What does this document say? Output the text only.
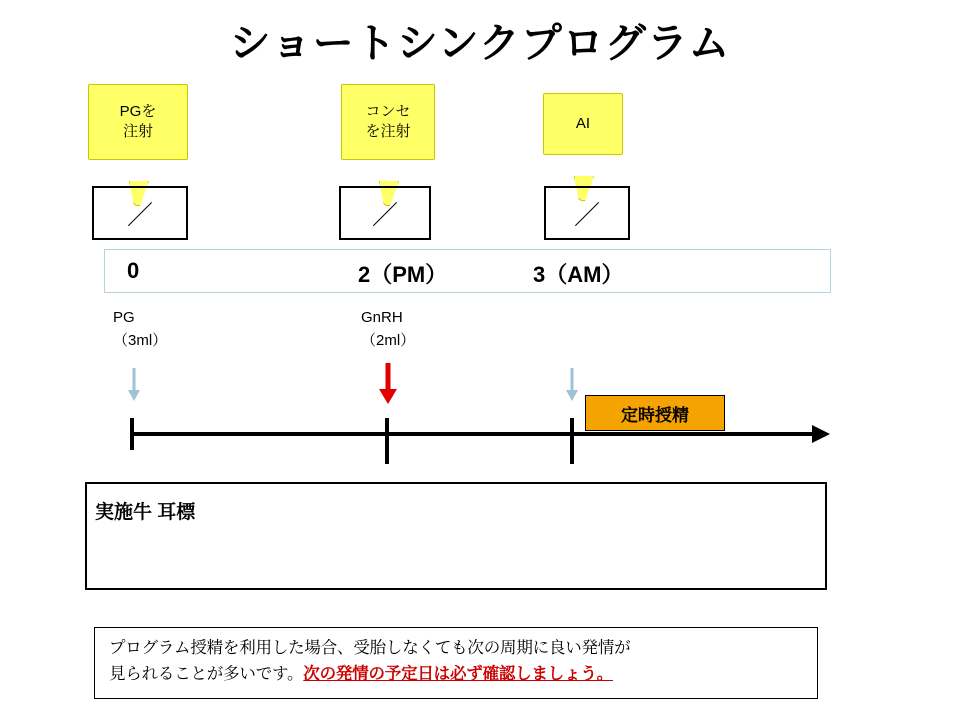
ショートシンクプログラム
PGを
注射
コンセ
を注射	AI
／	／	／
0	2（PM）	3（AM）
PG
（3ml）
GnRH
（2ml）
定時授精
実施牛 耳標

プログラム授精を利用した場合、受胎しなくても次の周期に良い発情が

見られることが多いです。次の発情の予定日は必ず確認しましょう。
